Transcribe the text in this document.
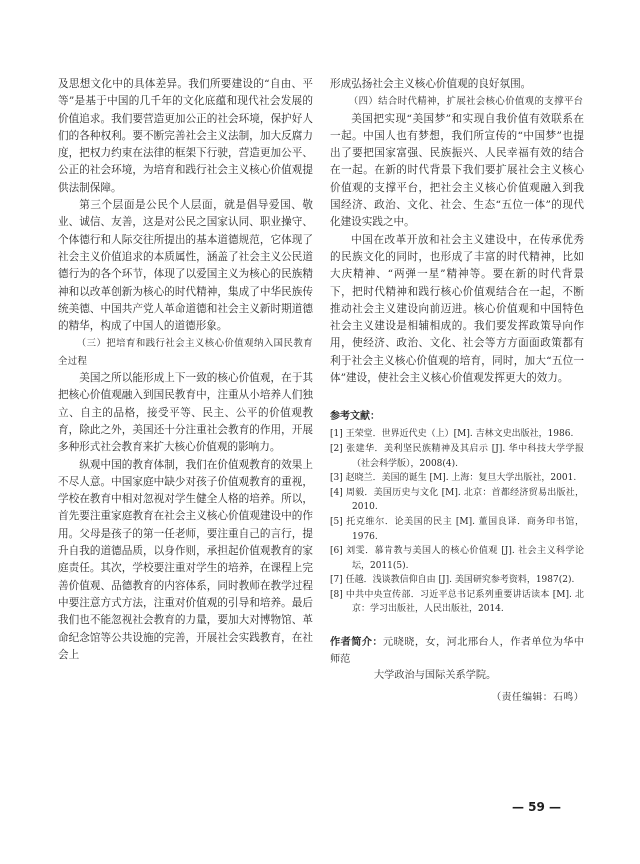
及思想文化中的具体差异。我们所要建设的“自由、平等”是基于中国的几千年的文化底蕴和现代社会发展的价值追求。我们要营造更加公正的社会环境，保护好人们的各种权利。要不断完善社会主义法制，加大反腐力度，把权力约束在法律的框架下行驶，营造更加公平、公正的社会环境，为培育和践行社会主义核心价值观提供法制保障。

第三个层面是公民个人层面，就是倡导爱国、敬业、诚信、友善，这是对公民之国家认同、职业操守、个体德行和人际交往所提出的基本道德规范，它体现了社会主义价值追求的本质属性，涵盖了社会主义公民道德行为的各个环节，体现了以爱国主义为核心的民族精神和以改革创新为核心的时代精神，集成了中华民族传统美德、中国共产党人革命道德和社会主义新时期道德的精华，构成了中国人的道德形象。

（三）把培育和践行社会主义核心价值观纳入国民教育全过程

美国之所以能形成上下一致的核心价值观，在于其把核心价值观融入到国民教育中，注重从小培养人们独立、自主的品格，接受平等、民主、公平的价值观教育，除此之外，美国还十分注重社会教育的作用，开展多种形式社会教育来扩大核心价值观的影响力。

纵观中国的教育体制，我们在价值观教育的效果上不尽人意。中国家庭中缺少对孩子价值观教育的重视，学校在教育中相对忽视对学生健全人格的培养。所以，首先要注重家庭教育在社会主义核心价值观建设中的作用。父母是孩子的第一任老师，要注重自己的言行，提升自我的道德品质，以身作则，承担起价值观教育的家庭责任。其次，学校要注重对学生的培养，在课程上完善价值观、品德教育的内容体系，同时教师在教学过程中要注意方式方法，注重对价值观的引导和培养。最后我们也不能忽视社会教育的力量，要加大对博物馆、革命纪念馆等公共设施的完善，开展社会实践教育，在社会上

形成弘扬社会主义核心价值观的良好氛围。

（四）结合时代精神，扩展社会核心价值观的支撑平台

美国把实现“美国梦”和实现自我价值有效联系在一起。中国人也有梦想，我们所宣传的“中国梦”也提出了要把国家富强、民族振兴、人民幸福有效的结合在一起。在新的时代背景下我们要扩展社会主义核心价值观的支撑平台，把社会主义核心价值观融入到我国经济、政治、文化、社会、生态“五位一体”的现代化建设实践之中。

中国在改革开放和社会主义建设中，在传承优秀的民族文化的同时，也形成了丰富的时代精神，比如大庆精神、“两弹一星”精神等。要在新的时代背景下，把时代精神和践行核心价值观结合在一起，不断推动社会主义建设向前迈进。核心价值观和中国特色社会主义建设是相辅相成的。我们要发挥政策导向作用，使经济、政治、文化、社会等方方面面政策都有利于社会主义核心价值观的培育，同时，加大“五位一体”建设，使社会主义核心价值观发挥更大的效力。

参考文献：
[1] 王荣堂．世界近代史（上）[M]. 吉林文史出版社，1986.
[2] 张建华．美利坚民族精神及其启示 [J]. 华中科技大学学报（社会科学版），2008(4).
[3] 赵晓兰．美国的诞生 [M]. 上海：复旦大学出版社，2001.
[4] 周毅．美国历史与文化 [M]. 北京：首都经济贸易出版社，2010.
[5] 托克维尔．论美国的民主 [M]. 董国良译．商务印书馆，1976.
[6] 刘雯．慕肯教与美国人的核心价值观 [J]. 社会主义科学论坛，2011(5).
[7] 任越．浅谈教信仰自由 [J]. 美国研究参考资料，1987(2).
[8] 中共中央宣传部．习近平总书记系列重要讲话读本 [M]. 北京：学习出版社，人民出版社，2014.
作者简介：元晓晓，女，河北邢台人，作者单位为华中师范
大学政治与国际关系学院。
（责任编辑：石鸣）
— 59 —
